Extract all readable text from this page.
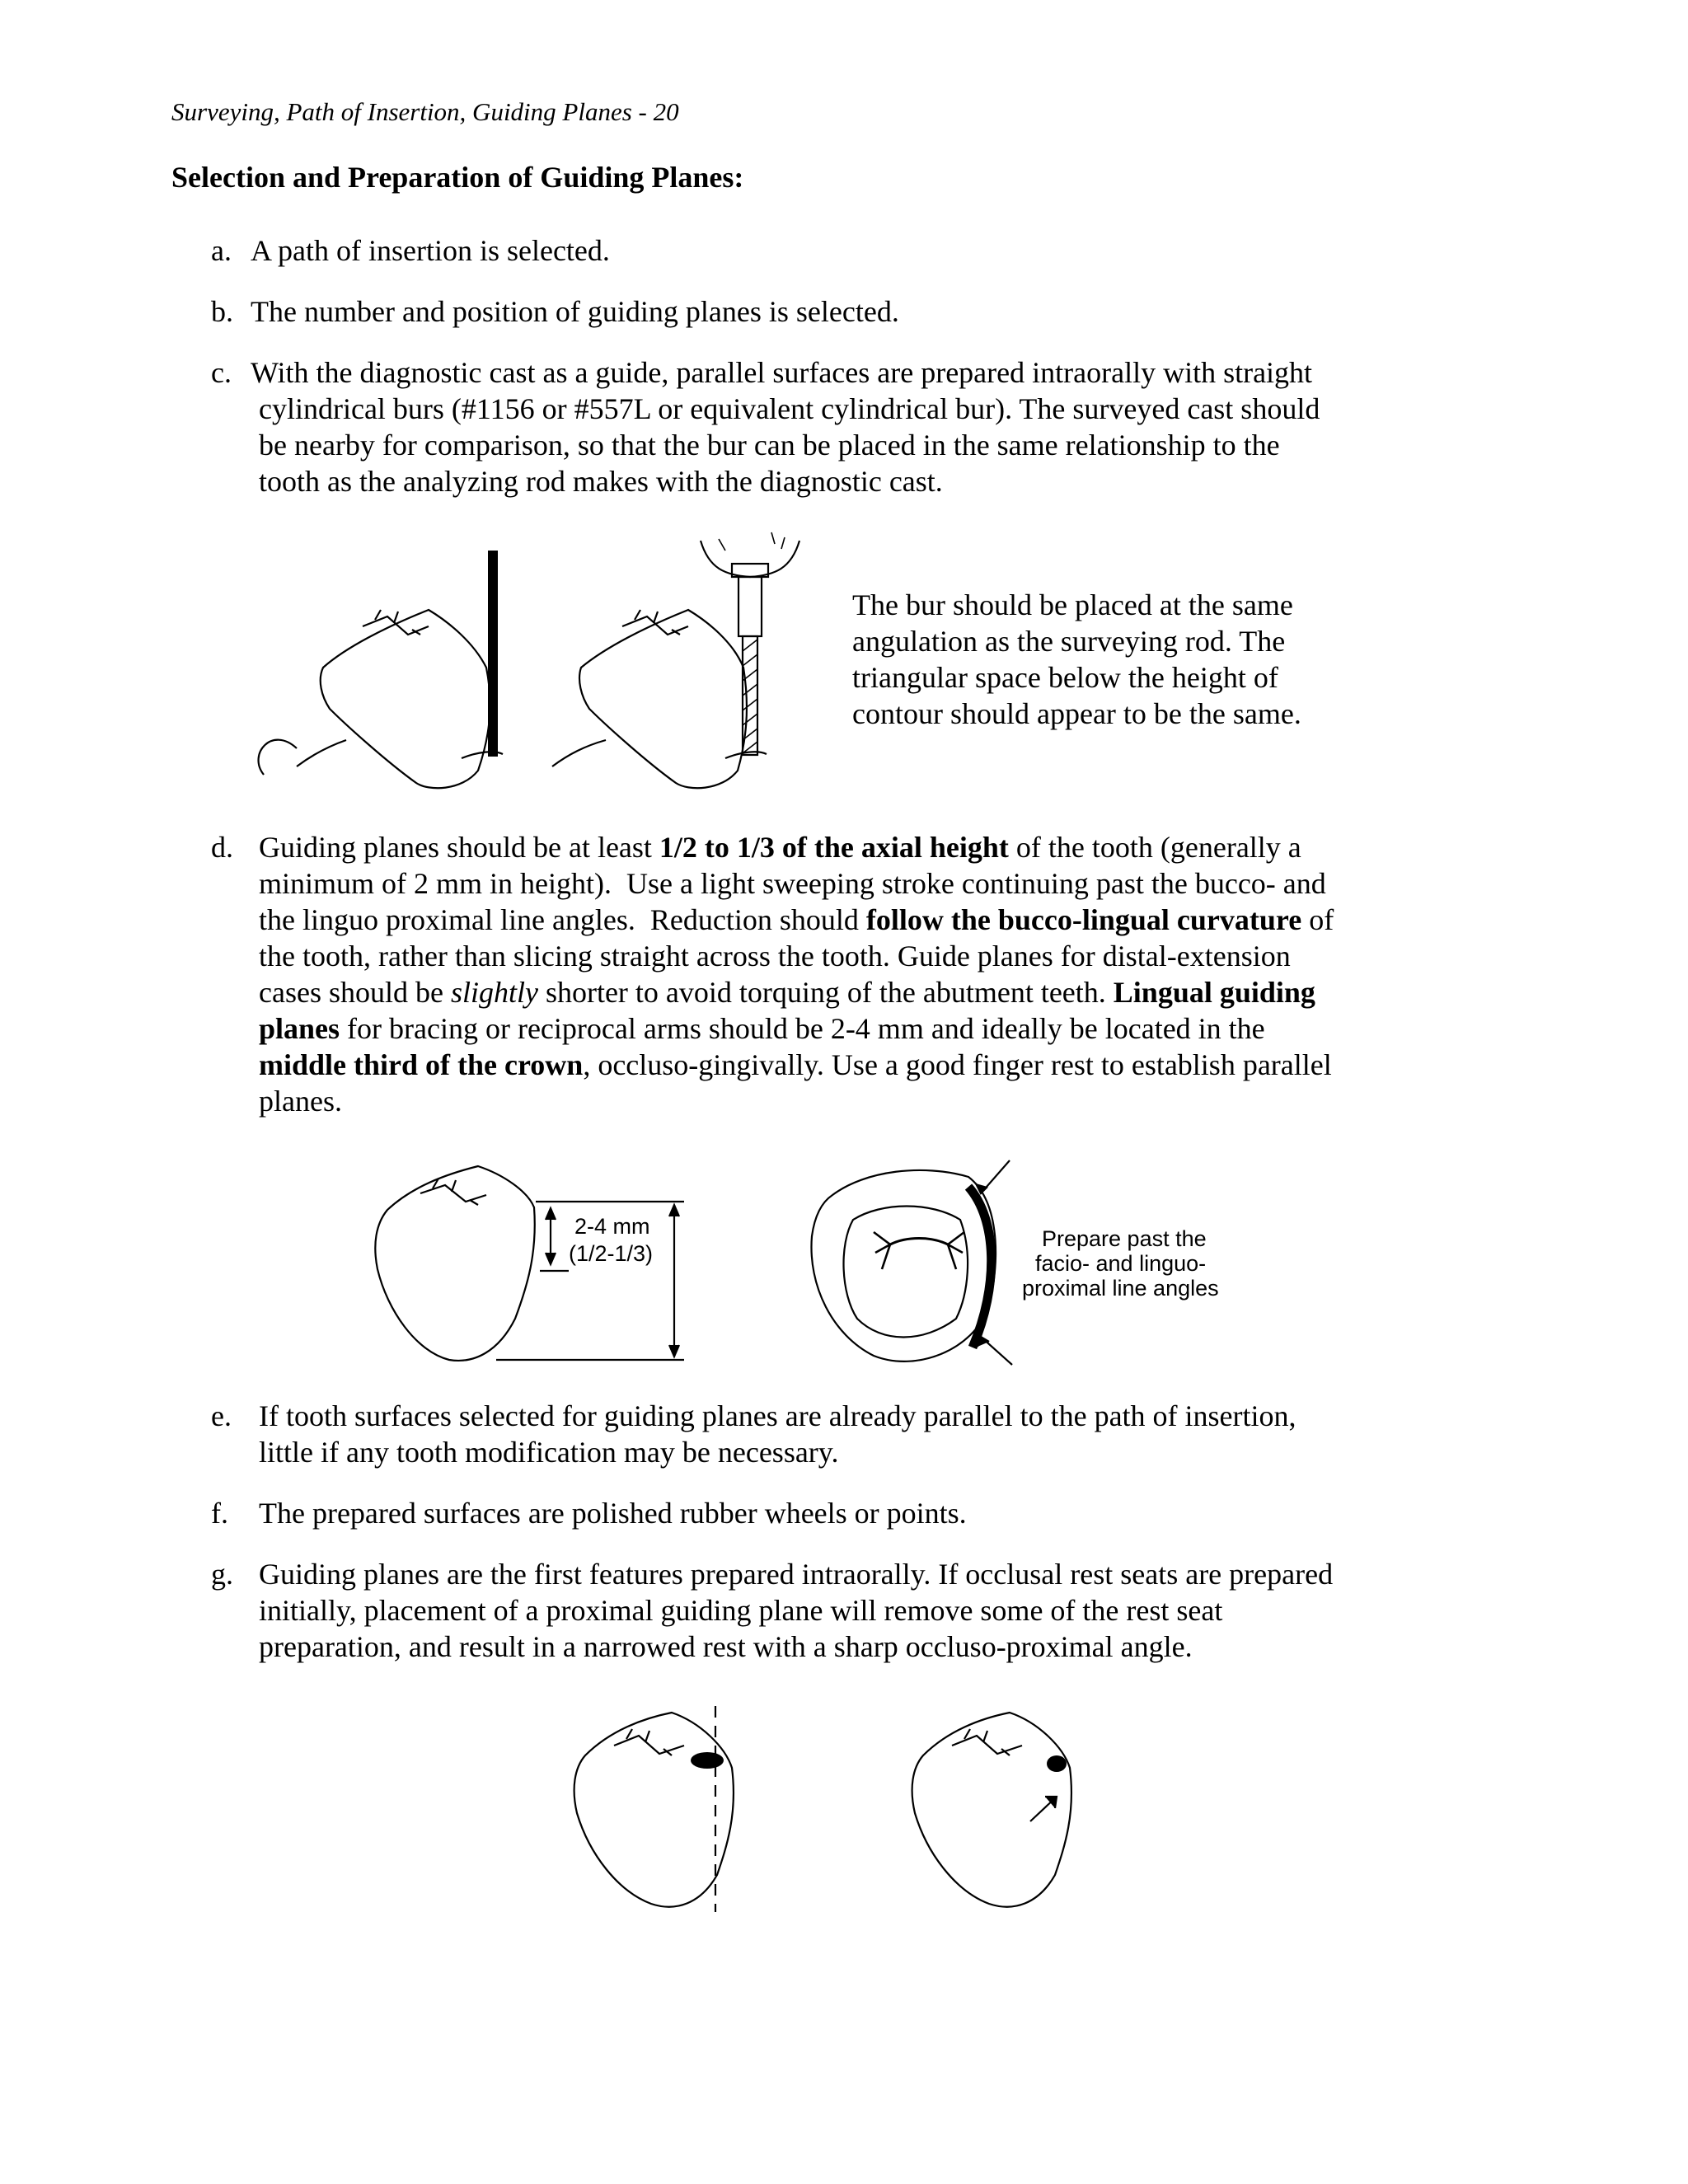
Surveying, Path of Insertion, Guiding Planes - 20
Selection and Preparation of Guiding Planes:
a. A path of insertion is selected.
b. The number and position of guiding planes is selected.
c. With the diagnostic cast as a guide, parallel surfaces are prepared intraorally with straight
cylindrical burs (#1156 or #557L or equivalent cylindrical bur). The surveyed cast should
be nearby for comparison, so that the bur can be placed in the same relationship to the
tooth as the analyzing rod makes with the diagnostic cast.
The bur should be placed at the same
angulation as the surveying rod. The
triangular space below the height of
contour should appear to be the same.
d. Guiding planes should be at least 1/2 to 1/3 of the axial height of the tooth (generally a
minimum of 2 mm in height).  Use a light sweeping stroke continuing past the bucco- and
the linguo proximal line angles.  Reduction should follow the bucco-lingual curvature of
the tooth, rather than slicing straight across the tooth. Guide planes for distal-extension
cases should be slightly shorter to avoid torquing of the abutment teeth. Lingual guiding
planes for bracing or reciprocal arms should be 2-4 mm and ideally be located in the
middle third of the crown, occluso-gingivally. Use a good finger rest to establish parallel
planes.
2-4 mm
(1/2-1/3)
Prepare past the
facio- and linguo-
proximal line angles
e. If tooth surfaces selected for guiding planes are already parallel to the path of insertion,
little if any tooth modification may be necessary.
f. The prepared surfaces are polished rubber wheels or points.
g. Guiding planes are the first features prepared intraorally. If occlusal rest seats are prepared
initially, placement of a proximal guiding plane will remove some of the rest seat
preparation, and result in a narrowed rest with a sharp occluso-proximal angle.
